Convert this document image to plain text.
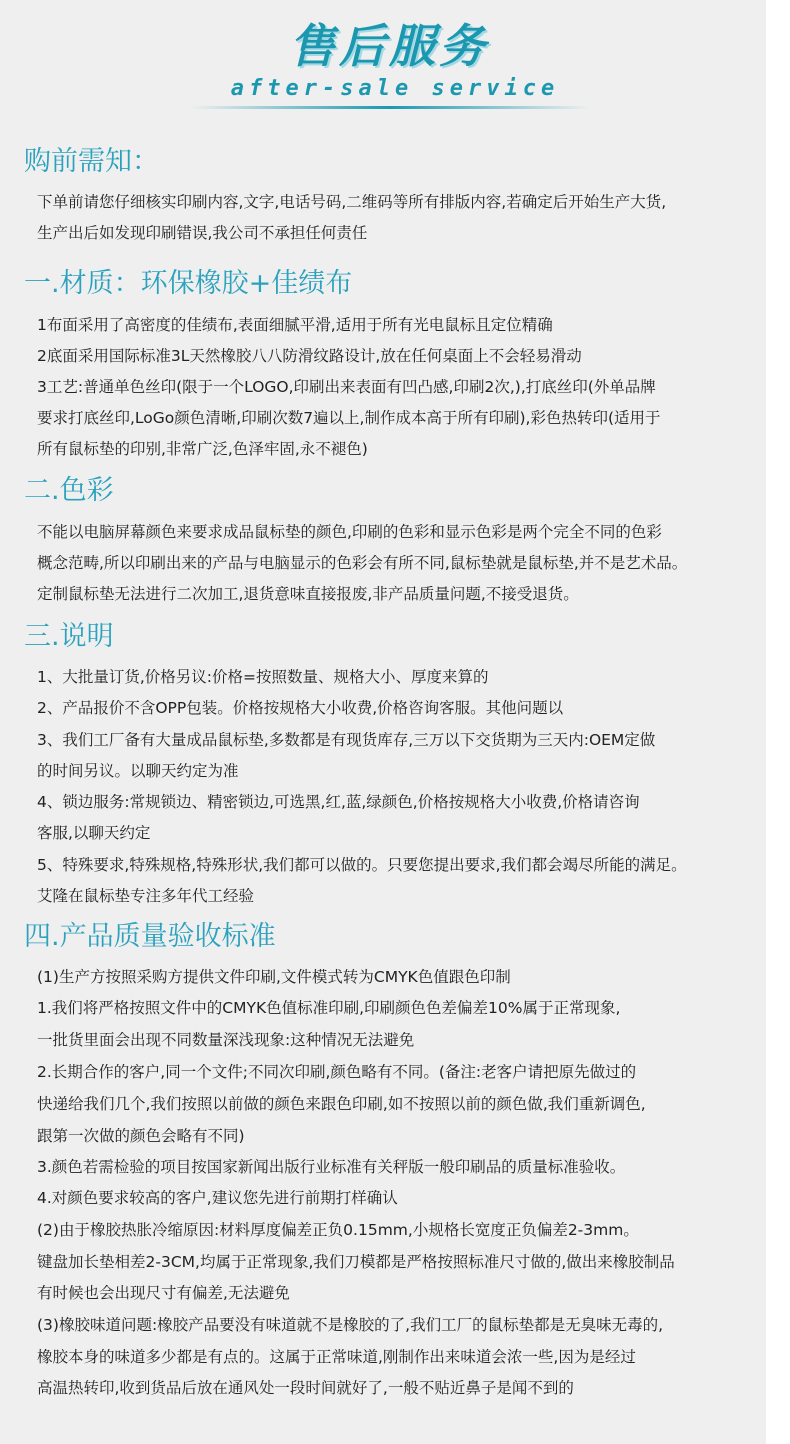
售后服务
after-sale service
购前需知：
下单前请您仔细核实印刷内容,文字,电话号码,二维码等所有排版内容,若确定后开始生产大货,
生产出后如发现印刷错误,我公司不承担任何责任
一.材质：环保橡胶+佳绩布
1布面采用了高密度的佳绩布,表面细腻平滑,适用于所有光电鼠标且定位精确
2底面采用国际标准3L天然橡胶八八防滑纹路设计,放在任何桌面上不会轻易滑动
3工艺:普通单色丝印(限于一个LOGO,印刷出来表面有凹凸感,印刷2次,),打底丝印(外单品牌
要求打底丝印,LoGo颜色清晰,印刷次数7遍以上,制作成本高于所有印刷),彩色热转印(适用于
所有鼠标垫的印别,非常广泛,色泽牢固,永不褪色)
二.色彩
不能以电脑屏幕颜色来要求成品鼠标垫的颜色,印刷的色彩和显示色彩是两个完全不同的色彩
概念范畴,所以印刷出来的产品与电脑显示的色彩会有所不同,鼠标垫就是鼠标垫,并不是艺术品。
定制鼠标垫无法进行二次加工,退货意味直接报废,非产品质量问题,不接受退货。
三.说明
1、大批量订货,价格另议:价格=按照数量、规格大小、厚度来算的
2、产品报价不含OPP包装。价格按规格大小收费,价格咨询客服。其他问题以
3、我们工厂备有大量成品鼠标垫,多数都是有现货库存,三万以下交货期为三天内:OEM定做
的时间另议。以聊天约定为准
4、锁边服务:常规锁边、精密锁边,可选黑,红,蓝,绿颜色,价格按规格大小收费,价格请咨询
客服,以聊天约定
5、特殊要求,特殊规格,特殊形状,我们都可以做的。只要您提出要求,我们都会竭尽所能的满足。
艾隆在鼠标垫专注多年代工经验
四.产品质量验收标准
(1)生产方按照采购方提供文件印刷,文件模式转为CMYK色值跟色印制
1.我们将严格按照文件中的CMYK色值标准印刷,印刷颜色色差偏差10%属于正常现象,
一批货里面会出现不同数量深浅现象:这种情况无法避免
2.长期合作的客户,同一个文件;不同次印刷,颜色略有不同。(备注:老客户请把原先做过的
快递给我们几个,我们按照以前做的颜色来跟色印刷,如不按照以前的颜色做,我们重新调色,
跟第一次做的颜色会略有不同)
3.颜色若需检验的项目按国家新闻出版行业标准有关秤版一般印刷品的质量标准验收。
4.对颜色要求较高的客户,建议您先进行前期打样确认
(2)由于橡胶热胀冷缩原因:材料厚度偏差正负0.15mm,小规格长宽度正负偏差2-3mm。
键盘加长垫相差2-3CM,均属于正常现象,我们刀模都是严格按照标准尺寸做的,做出来橡胶制品
有时候也会出现尺寸有偏差,无法避免
(3)橡胶味道问题:橡胶产品要没有味道就不是橡胶的了,我们工厂的鼠标垫都是无臭味无毒的,
橡胶本身的味道多少都是有点的。这属于正常味道,刚制作出来味道会浓一些,因为是经过
高温热转印,收到货品后放在通风处一段时间就好了,一般不贴近鼻子是闻不到的
